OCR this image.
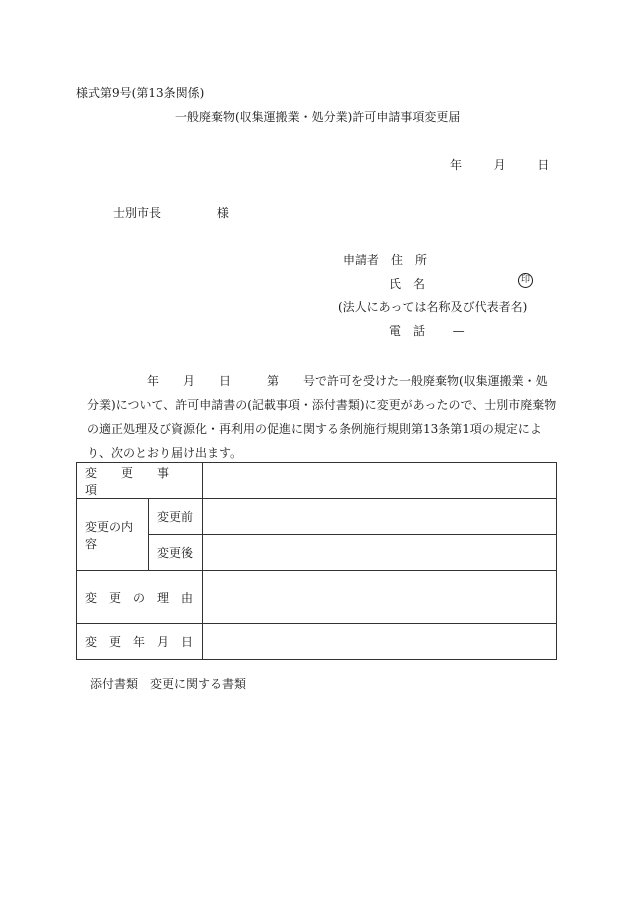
様式第9号(第13条関係)
一般廃棄物(収集運搬業・処分業)許可申請事項変更届
年	月	日
士別市長	様
申請者　住　所
氏　名	印
(法人にあっては名称及び代表者名)
電　話 —
年　　月　　日　　　第　　号で許可を受けた一般廃棄物(収集運搬業・処分業)について、許可申請書の(記載事項・添付書類)に変更があったので、士別市廃棄物の適正処理及び資源化・再利用の促進に関する条例施行規則第13条第1項の規定により、次のとおり届け出ます。
変　　更　　事　　項		
変更の内容	変更前	
	変更後	
変　更　の　理　由		
変　更　年　月　日		
添付書類　変更に関する書類
